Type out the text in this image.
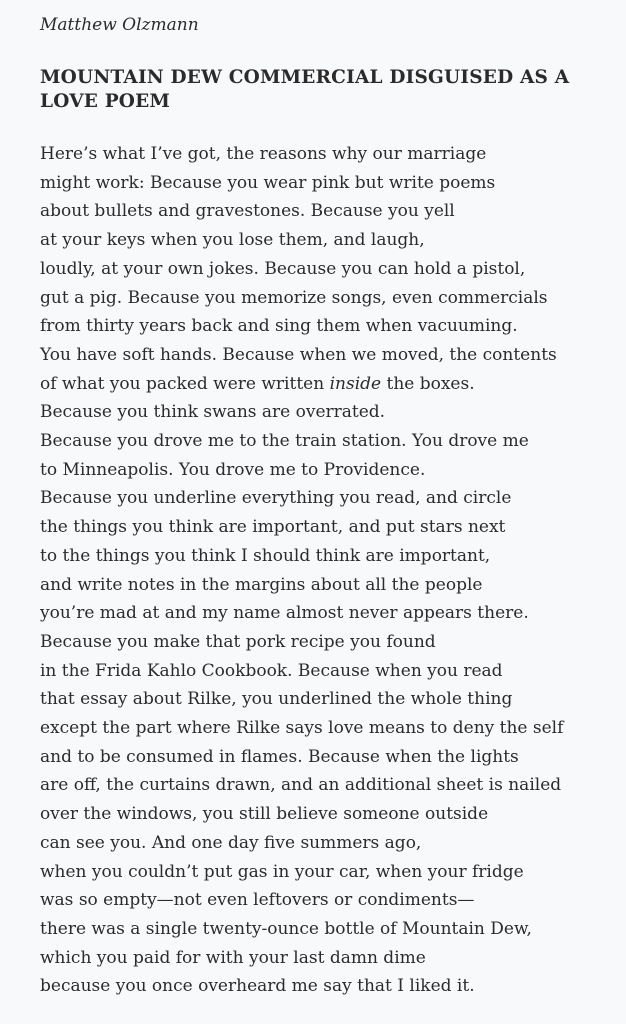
Matthew Olzmann
MOUNTAIN DEW COMMERCIAL DISGUISED AS A LOVE POEM
Here’s what I’ve got, the reasons why our marriage
might work: Because you wear pink but write poems
about bullets and gravestones. Because you yell
at your keys when you lose them, and laugh,
loudly, at your own jokes. Because you can hold a pistol,
gut a pig. Because you memorize songs, even commercials
from thirty years back and sing them when vacuuming.
You have soft hands. Because when we moved, the contents
of what you packed were written inside the boxes.
Because you think swans are overrated.
Because you drove me to the train station. You drove me
to Minneapolis. You drove me to Providence.
Because you underline everything you read, and circle
the things you think are important, and put stars next
to the things you think I should think are important,
and write notes in the margins about all the people
you’re mad at and my name almost never appears there.
Because you make that pork recipe you found
in the Frida Kahlo Cookbook. Because when you read
that essay about Rilke, you underlined the whole thing
except the part where Rilke says love means to deny the self
and to be consumed in flames. Because when the lights
are off, the curtains drawn, and an additional sheet is nailed
over the windows, you still believe someone outside
can see you. And one day five summers ago,
when you couldn’t put gas in your car, when your fridge
was so empty—not even leftovers or condiments—
there was a single twenty-ounce bottle of Mountain Dew,
which you paid for with your last damn dime
because you once overheard me say that I liked it.
